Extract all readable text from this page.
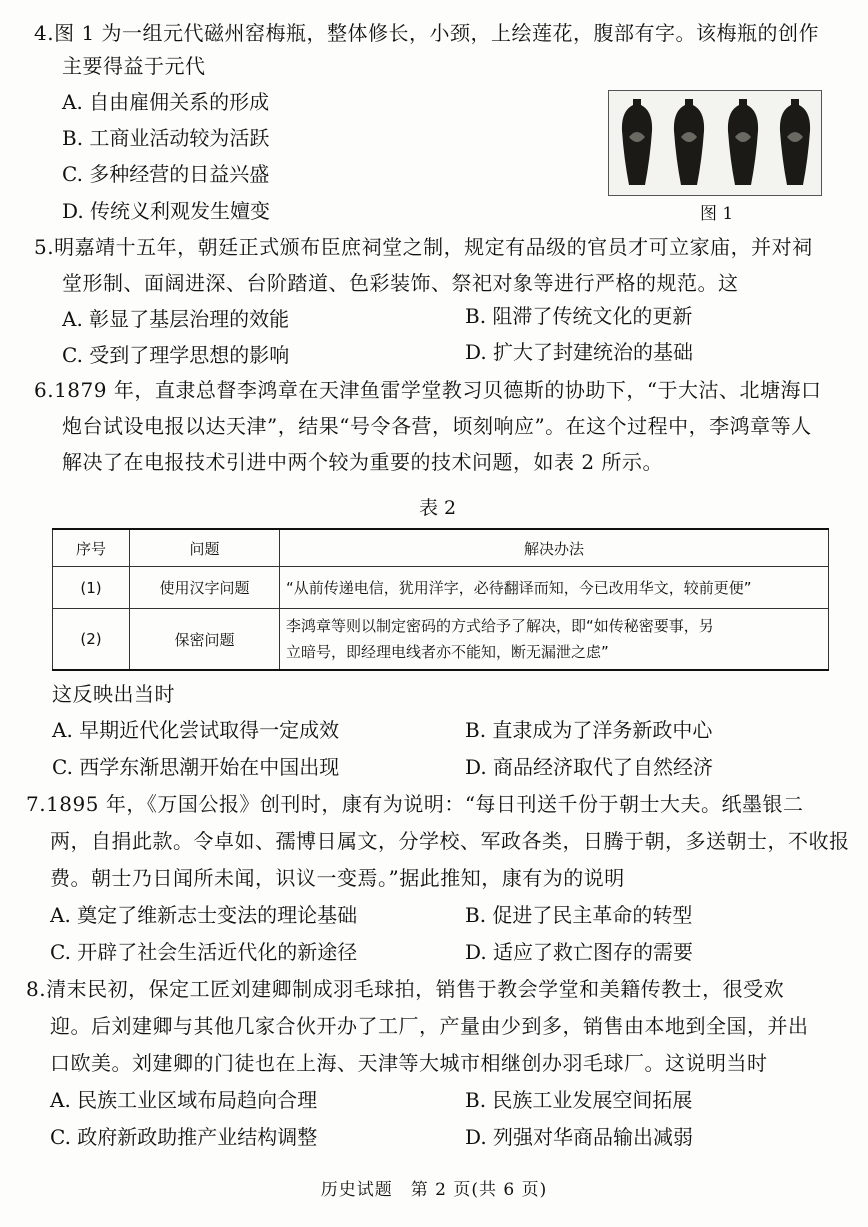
4.图 1 为一组元代磁州窑梅瓶，整体修长，小颈，上绘莲花，腹部有字。该梅瓶的创作
主要得益于元代
A. 自由雇佣关系的形成
B. 工商业活动较为活跃
C. 多种经营的日益兴盛
D. 传统义利观发生嬗变	图 1
5.明嘉靖十五年，朝廷正式颁布臣庶祠堂之制，规定有品级的官员才可立家庙，并对祠
堂形制、面阔进深、台阶踏道、色彩装饰、祭祀对象等进行严格的规范。这
A. 彰显了基层治理的效能	B. 阻滞了传统文化的更新
C. 受到了理学思想的影响	D. 扩大了封建统治的基础
6.1879 年，直隶总督李鸿章在天津鱼雷学堂教习贝德斯的协助下，“于大沽、北塘海口
炮台试设电报以达天津”，结果“号令各营，顷刻响应”。在这个过程中，李鸿章等人
解决了在电报技术引进中两个较为重要的技术问题，如表 2 所示。
表 2
序号	问题	解决办法
(1)	使用汉字问题	“从前传递电信，犹用洋字，必待翻译而知，今已改用华文，较前更便”
(2)	保密问题	李鸿章等则以制定密码的方式给予了解决，即“如传秘密要事，另
立暗号，即经理电线者亦不能知，断无漏泄之虑”
这反映出当时
A. 早期近代化尝试取得一定成效	B. 直隶成为了洋务新政中心
C. 西学东渐思潮开始在中国出现	D. 商品经济取代了自然经济
7.1895 年，《万国公报》创刊时，康有为说明：“每日刊送千份于朝士大夫。纸墨银二
两，自捐此款。令卓如、孺博日属文，分学校、军政各类，日腾于朝，多送朝士，不收报
费。朝士乃日闻所未闻，识议一变焉。”据此推知，康有为的说明
A. 奠定了维新志士变法的理论基础	B. 促进了民主革命的转型
C. 开辟了社会生活近代化的新途径	D. 适应了救亡图存的需要
8.清末民初，保定工匠刘建卿制成羽毛球拍，销售于教会学堂和美籍传教士，很受欢
迎。后刘建卿与其他几家合伙开办了工厂，产量由少到多，销售由本地到全国，并出
口欧美。刘建卿的门徒也在上海、天津等大城市相继创办羽毛球厂。这说明当时
A. 民族工业区域布局趋向合理	B. 民族工业发展空间拓展
C. 政府新政助推产业结构调整	D. 列强对华商品输出减弱
历史试题　第 2 页(共 6 页)
